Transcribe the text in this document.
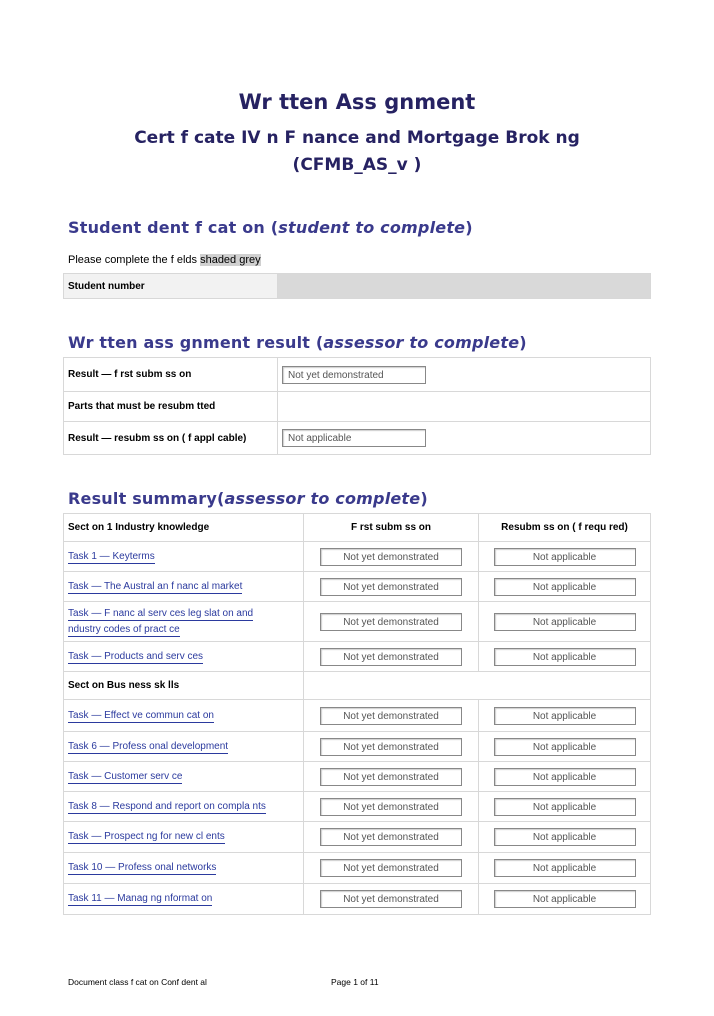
Wr tten Ass gnment
Cert f cate IV n F nance and Mortgage Brok ng
(CFMB_AS_v )
Student dent f cat on (student to complete)
Please complete the f elds shaded grey
Student number	
Wr tten ass gnment result (assessor to complete)
Result — f rst subm ss on	Not yet demonstrated
Parts that must be resubm tted	
Result — resubm ss on ( f appl cable)	Not applicable
Result summary(assessor to complete)
Sect on 1 Industry knowledge	F rst subm ss on	Resubm ss on ( f requ red)
Task 1 — Keyterms	Not yet demonstrated	Not applicable
Task — The Austral an f nanc al market	Not yet demonstrated	Not applicable
Task — F nanc al serv ces leg slat on and
ndustry codes of pract ce	Not yet demonstrated	Not applicable
Task — Products and serv ces	Not yet demonstrated	Not applicable
Sect on Bus ness sk lls		
Task — Effect ve commun cat on	Not yet demonstrated	Not applicable
Task 6 — Profess onal development	Not yet demonstrated	Not applicable
Task — Customer serv ce	Not yet demonstrated	Not applicable
Task 8 — Respond and report on compla nts	Not yet demonstrated	Not applicable
Task — Prospect ng for new cl ents	Not yet demonstrated	Not applicable
Task 10 — Profess onal networks	Not yet demonstrated	Not applicable
Task 11 — Manag ng nformat on	Not yet demonstrated	Not applicable
Document class f cat on Conf dent al	Page 1 of 11
